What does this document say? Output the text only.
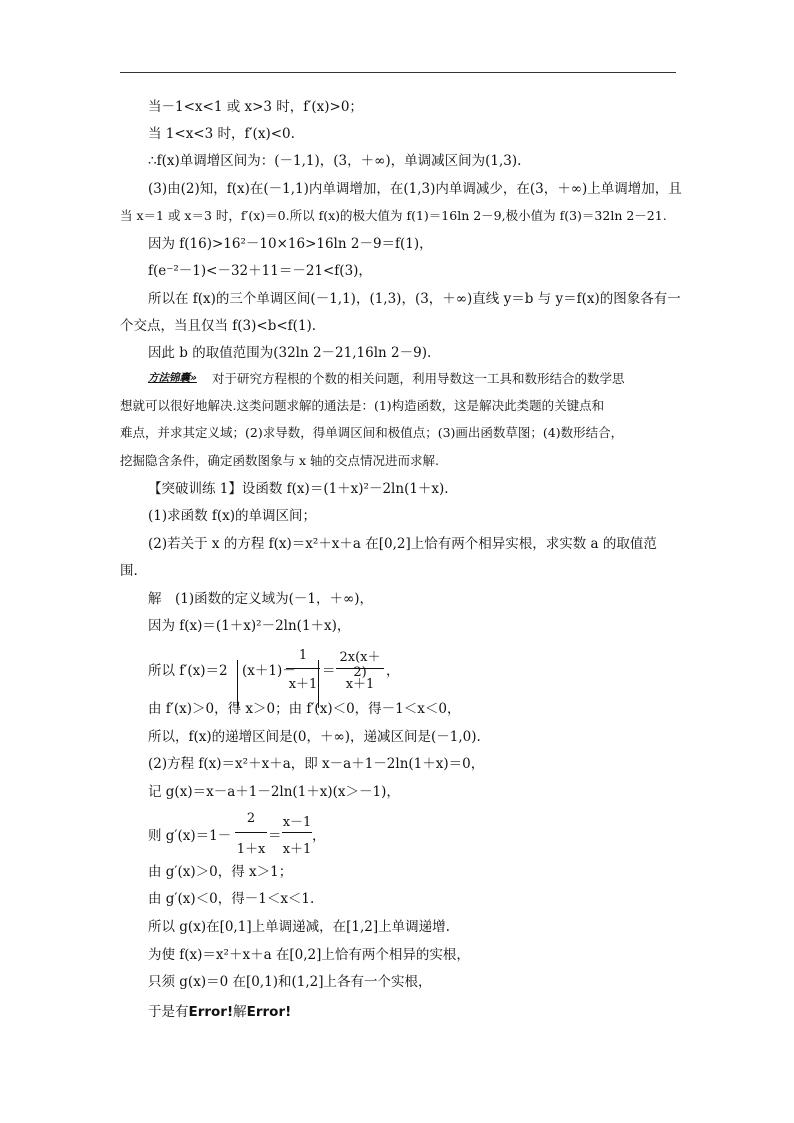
当－1<x<1 或 x>3 时，f′(x)>0；
当 1<x<3 时，f′(x)<0.
∴f(x)单调增区间为：(－1,1)，(3，＋∞)，单调减区间为(1,3).
(3)由(2)知，f(x)在(－1,1)内单调增加，在(1,3)内单调减少，在(3，＋∞)上单调增加，且
当 x＝1 或 x＝3 时，f′(x)＝0.所以 f(x)的极大值为 f(1)＝16ln 2－9,极小值为 f(3)＝32ln 2－21.
因为 f(16)>16²－10×16>16ln 2－9＝f(1)，
f(e⁻²－1)<－32＋11＝－21<f(3)，
所以在 f(x)的三个单调区间(－1,1)，(1,3)，(3，＋∞)直线 y＝b 与 y＝f(x)的图象各有一
个交点，当且仅当 f(3)<b<f(1).
因此 b 的取值范围为(32ln 2－21,16ln 2－9).
方法锦囊» 对于研究方程根的个数的相关问题，利用导数这一工具和数形结合的数学思
想就可以很好地解决.这类问题求解的通法是：(1)构造函数，这是解决此类题的关键点和
难点，并求其定义域；(2)求导数，得单调区间和极值点；(3)画出函数草图；(4)数形结合，
挖掘隐含条件，确定函数图象与 x 轴的交点情况进而求解.
【突破训练 1】设函数 f(x)＝(1＋x)²－2ln(1＋x).
(1)求函数 f(x)的单调区间；
(2)若关于 x 的方程 f(x)＝x²＋x＋a 在[0,2]上恰有两个相异实根，求实数 a 的取值范
围.
解　(1)函数的定义域为(－1，＋∞)，
因为 f(x)＝(1＋x)²－2ln(1＋x)，
所以 f′(x)＝2 (x＋1)－
1
x＋1
＝
2x(x＋2)
x＋1
，
由 f′(x)＞0，得 x＞0；由 f′(x)＜0，得－1＜x＜0，
所以，f(x)的递增区间是(0，＋∞)，递减区间是(－1,0).
(2)方程 f(x)＝x²＋x＋a，即 x－a＋1－2ln(1＋x)＝0，
记 g(x)＝x－a＋1－2ln(1＋x)(x＞－1)，
则 g′(x)＝1－
2
1＋x
＝
x－1
x＋1
，
由 g′(x)＞0，得 x＞1；
由 g′(x)＜0，得－1＜x＜1.
所以 g(x)在[0,1]上单调递减，在[1,2]上单调递增.
为使 f(x)＝x²＋x＋a 在[0,2]上恰有两个相异的实根，
只须 g(x)＝0 在[0,1)和(1,2]上各有一个实根，
于是有Error!解Error!
